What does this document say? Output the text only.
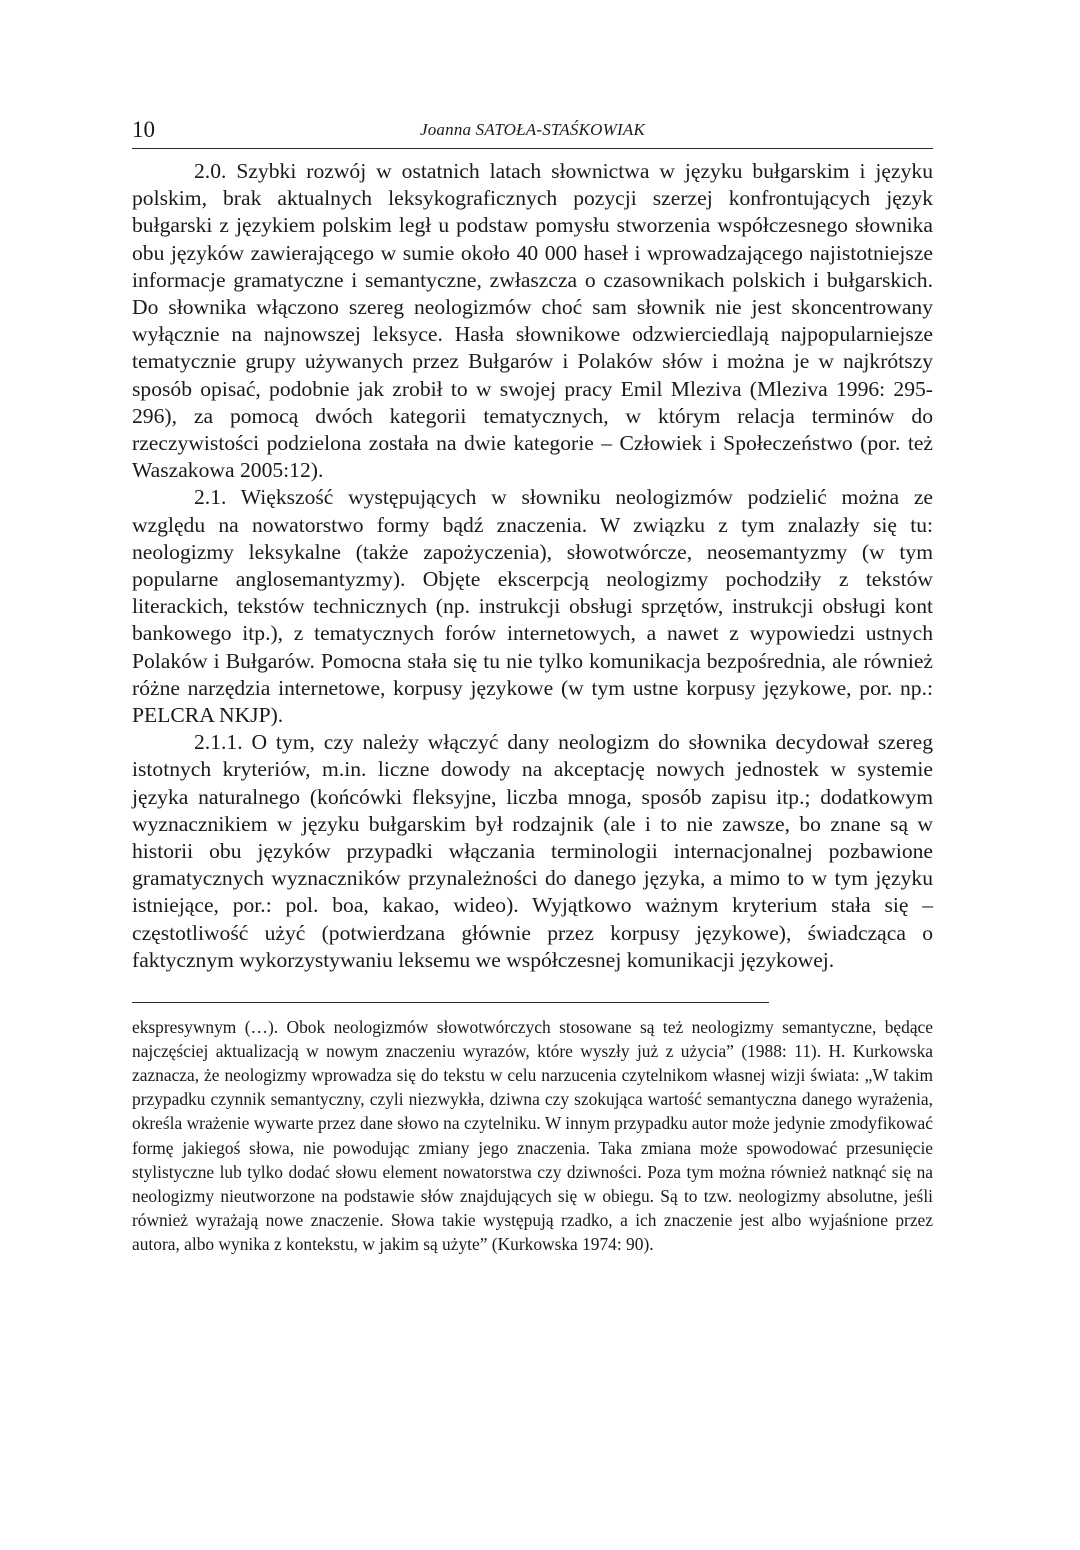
10	Joanna SATOŁA-STAŚKOWIAK

2.0. Szybki rozwój w ostatnich latach słownictwa w języku bułgarskim i języku polskim, brak aktualnych leksykograficznych pozycji szerzej konfrontujących język bułgarski z językiem polskim legł u podstaw pomysłu stworzenia współczesnego słownika obu języków zawierającego w sumie około 40 000 haseł i wprowadzającego najistotniejsze informacje gramatyczne i semantyczne, zwłaszcza o czasownikach polskich i bułgarskich. Do słownika włączono szereg neologizmów choć sam słownik nie jest skoncentrowany wyłącznie na najnowszej leksyce. Hasła słownikowe odzwierciedlają najpopularniejsze tematycznie grupy używanych przez Bułgarów i Polaków słów i można je w najkrótszy sposób opisać, podobnie jak zrobił to w swojej pracy Emil Mleziva (Mleziva 1996: 295-296), za pomocą dwóch kategorii tematycznych, w którym relacja terminów do rzeczywistości podzielona została na dwie kategorie – Człowiek i Społeczeństwo (por. też Waszakowa 2005:12).

2.1. Większość występujących w słowniku neologizmów podzielić można ze względu na nowatorstwo formy bądź znaczenia. W związku z tym znalazły się tu: neologizmy leksykalne (także zapożyczenia), słowotwórcze, neosemantyzmy (w tym popularne anglosemantyzmy). Objęte ekscerpcją neologizmy pochodziły z tekstów literackich, tekstów technicznych (np. instrukcji obsługi sprzętów, instrukcji obsługi kont bankowego itp.), z tematycznych forów internetowych, a nawet z wypowiedzi ustnych Polaków i Bułgarów. Pomocna stała się tu nie tylko komunikacja bezpośrednia, ale również różne narzędzia internetowe, korpusy językowe (w tym ustne korpusy językowe, por. np.: PELCRA NKJP).

2.1.1. O tym, czy należy włączyć dany neologizm do słownika decydował szereg istotnych kryteriów, m.in. liczne dowody na akceptację nowych jednostek w systemie języka naturalnego (końcówki fleksyjne, liczba mnoga, sposób zapisu itp.; dodatkowym wyznacznikiem w języku bułgarskim był rodzajnik (ale i to nie zawsze, bo znane są w historii obu języków przypadki włączania terminologii internacjonalnej pozbawione gramatycznych wyznaczników przynależności do danego języka, a mimo to w tym języku istniejące, por.: pol. boa, kakao, wideo). Wyjątkowo ważnym kryterium stała się – częstotliwość użyć (potwierdzana głównie przez korpusy językowe), świadcząca o faktycznym wykorzystywaniu leksemu we współczesnej komunikacji językowej.

ekspresywnym (…). Obok neologizmów słowotwórczych stosowane są też neologizmy semantyczne, będące najczęściej aktualizacją w nowym znaczeniu wyrazów, które wyszły już z użycia” (1988: 11). H. Kurkowska zaznacza, że neologizmy wprowadza się do tekstu w celu narzucenia czytelnikom własnej wizji świata: „W takim przypadku czynnik semantyczny, czyli niezwykła, dziwna czy szokująca wartość semantyczna danego wyrażenia, określa wrażenie wywarte przez dane słowo na czytelniku. W innym przypadku autor może jedynie zmodyfikować formę jakiegoś słowa, nie powodując zmiany jego znaczenia. Taka zmiana może spowodować przesunięcie stylistyczne lub tylko dodać słowu element nowatorstwa czy dziwności. Poza tym można również natknąć się na neologizmy nieutworzone na podstawie słów znajdujących się w obiegu. Są to tzw. neologizmy absolutne, jeśli również wyrażają nowe znaczenie. Słowa takie występują rzadko, a ich znaczenie jest albo wyjaśnione przez autora, albo wynika z kontekstu, w jakim są użyte” (Kurkowska 1974: 90).
